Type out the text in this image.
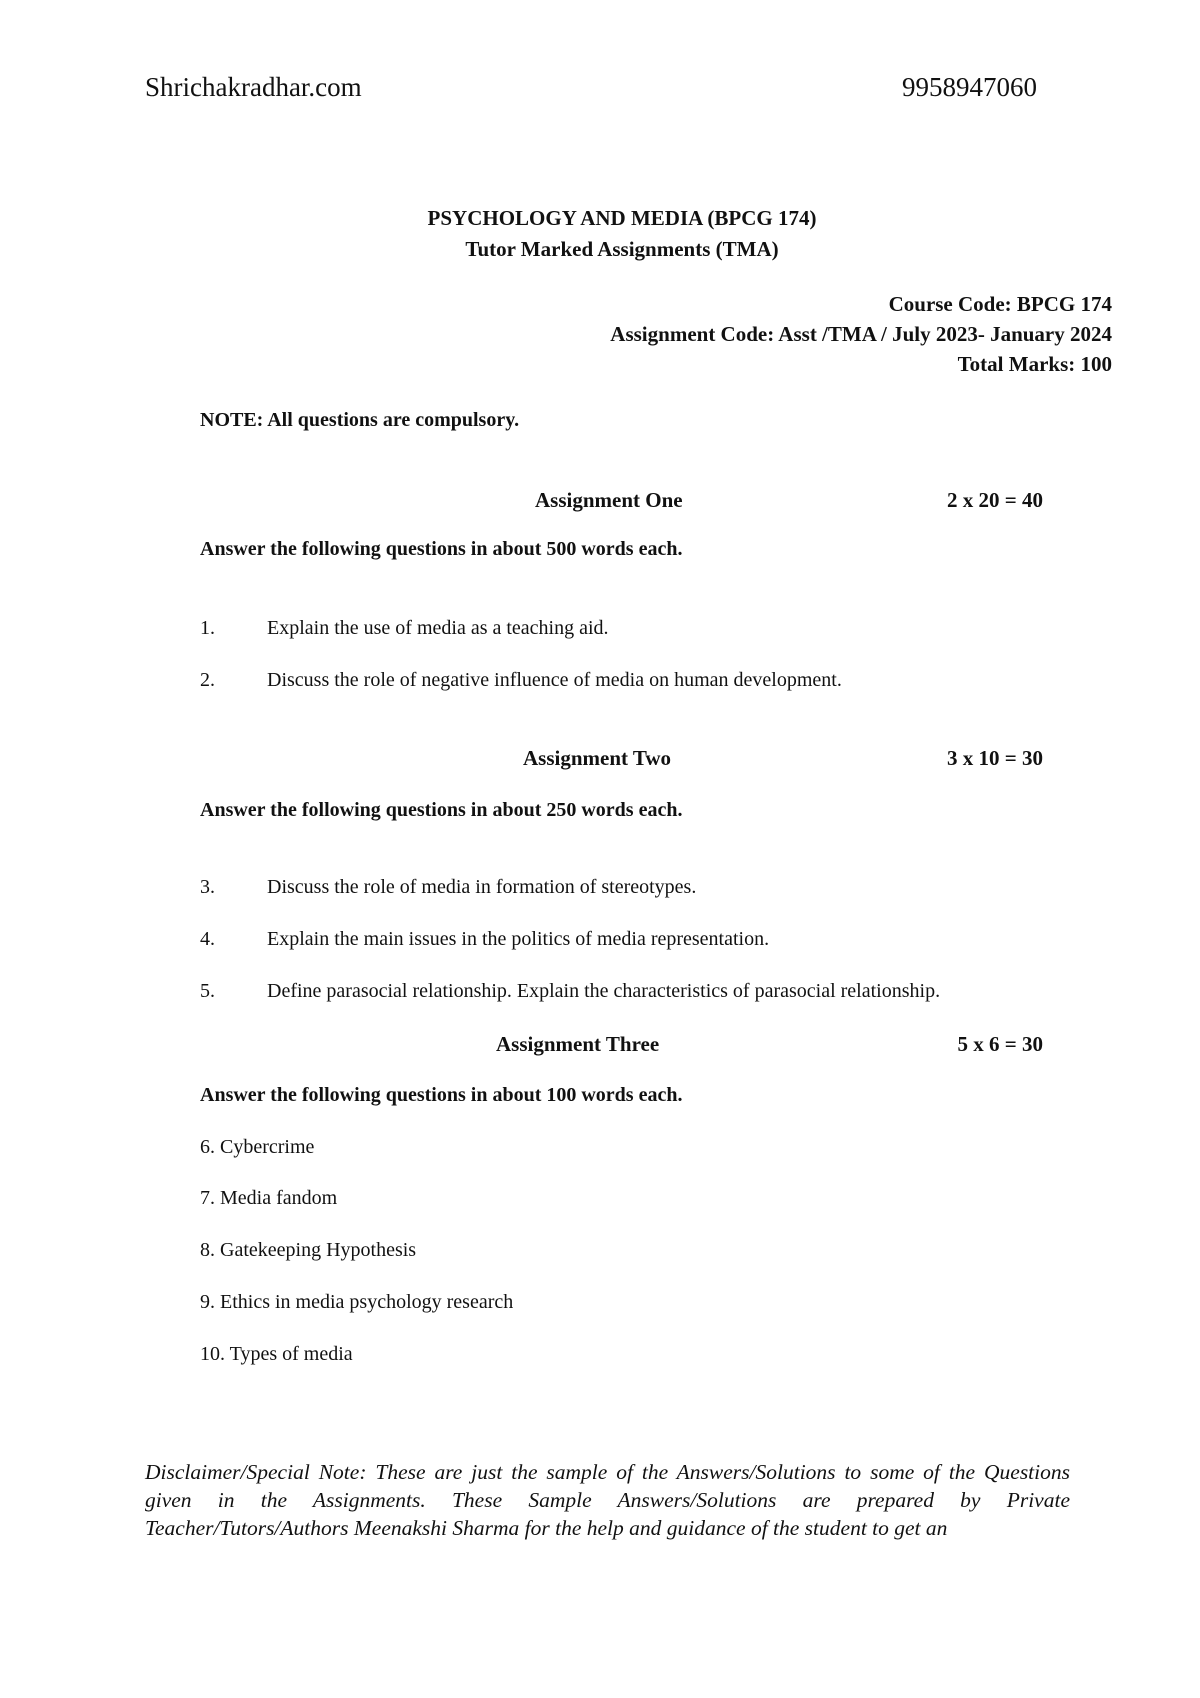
Shrichakradhar.com	9958947060
PSYCHOLOGY AND MEDIA (BPCG 174)
Tutor Marked Assignments (TMA)
Course Code: BPCG 174
Assignment Code: Asst /TMA / July 2023- January 2024
Total Marks: 100
NOTE: All questions are compulsory.
Assignment One	2 x 20 = 40
Answer the following questions in about 500 words each.
1.	Explain the use of media as a teaching aid.
2.	Discuss the role of negative influence of media on human development.
Assignment Two	3 x 10 = 30
Answer the following questions in about 250 words each.
3.	Discuss the role of media in formation of stereotypes.
4.	Explain the main issues in the politics of media representation.
5.	Define parasocial relationship. Explain the characteristics of parasocial relationship.
Assignment Three	5 x 6 = 30
Answer the following questions in about 100 words each.
6. Cybercrime
7. Media fandom
8. Gatekeeping Hypothesis
9. Ethics in media psychology research
10. Types of media
Disclaimer/Special Note: These are just the sample of the Answers/Solutions to some of the Questions given in the Assignments. These Sample Answers/Solutions are prepared by Private Teacher/Tutors/Authors Meenakshi Sharma for the help and guidance of the student to get an
